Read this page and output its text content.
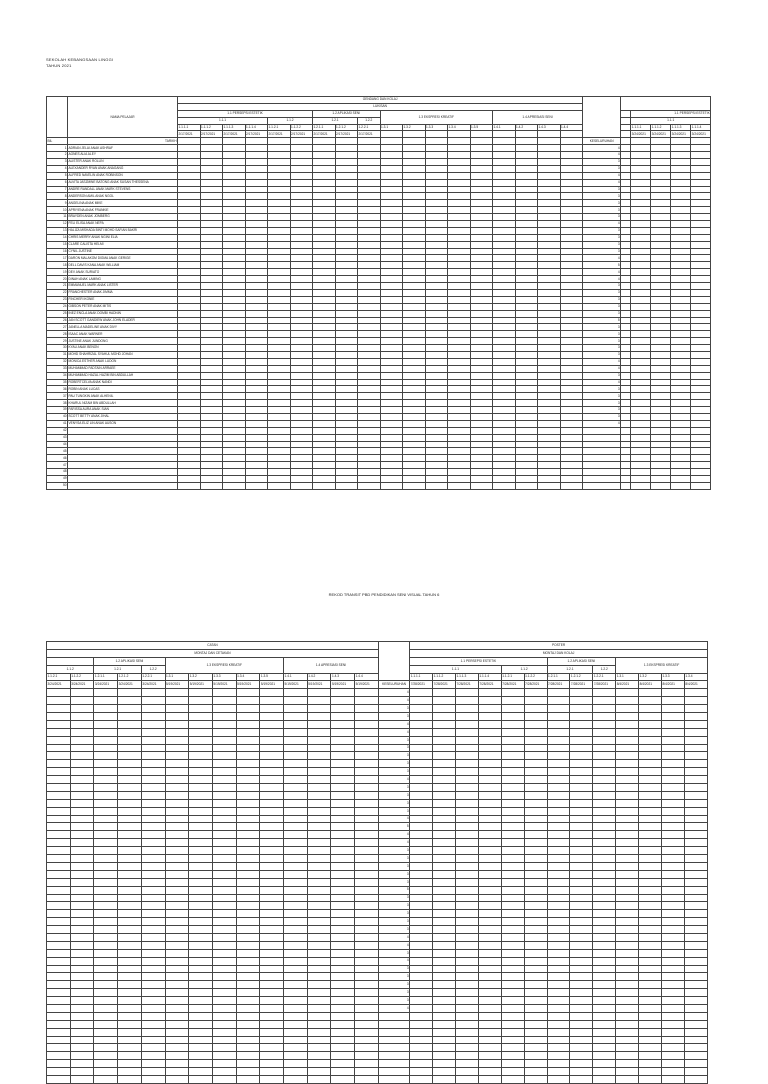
SEKOLAH KEBANGSAAN LINGGI
TAHUN 2021
	NAMA PELAJAR	GENDANG DAN KOLAJ																							
		LUKISAN																							
		1.1 PERSEPSI ESTETIK						1.2 APLIKASI SENI			1.3 EKSPRESI KREATIF					1.4 APRESIASI SENI						1.1 PERSEPSI ESTETIK			
		1.1.1				1.1.2		1.2.1		1.2.2												1.1.1			
		1.1.1.1	1.1.1.2	1.1.1.3	1.1.1.4	1.1.2.1	1.1.2.2	1.2.1.1	1.2.1.2	1.2.2.1	1.3.1	1.3.2	1.3.3	1.3.4	1.3.5	1.4.1	1.4.2	1.4.3	1.4.4			1.1.1.1	1.1.1.2	1.1.1.3	1.1.1.4
		2/17/2021	2/17/2021	2/17/2021	2/17/2021	2/17/2021	2/17/2021	2/17/2021	2/17/2021	2/17/2021												3/24/2021	3/24/2021	3/24/2021	3/24/2021
BIL	TARIKH																			KESELURUHAN					
1	ADRIAN JELAI ANAK ASHRAF																			4					
2	AGNES ALIA ALEY																			4					
3	ALISTER ANAK ROLLIN																			3					
4	ALEXANDER RYAN ANAK ANAGANG																			3					
5	ALFRED NAVELIN ANAK ROBINSON																			4					
6	ALVITA JASZMINE BATONG ANAK SUSAN THESSENA																			4					
7	ANDRE RANDALL ANAK MARK STEVENS																			3					
8	ANDERSON AMIL ANAK NGOL																			3					
9	ANGELINA ANAK MIKE																			3					
10	APRIYENA ANAK FRANKIE																			3					
11	BRAYDEN ANAK JOMBERG																			3					
12	FELI ELISA ANAK NEPA																			4					
13	HALIZA MISHADA BINTI MOHD SAFIAN BAKRI																			3					
14	CHRIS MERRY ANAK NGINI ELIA																			3					
15	CLARE CALISTA HELMI																			3					
16	CYNIL JUSTINE																			3					
17	DARON MALAKOM DIGMA ANAK GERIGE																			4					
18	DELL DAVIS KANA ANAK WILLIAM																			5					
19	DEV ANAK SURIATO																			4					
20	DINAH ANAK LAMING																			4					
21	EMMANUEL MARK ANAK LISTER																			3					
22	FRANCHESTER ANAK JIMMA																			3					
23	FINCHER IKONIE																			3					
24	GIBSON PETER ANAK MITIS																			3					
25	INEZ ENCLA ANAK DOMBI HADNIN																			3					
26	JAN SCOTT GANDIEW ANAK JOHN ELADER																			5					
27	JANELLA MADELINE ANAK DIVY																			3					
28	ISAAC ANAK WARNER																			3					
29	JUSTINE ANAK JUNDONG																			3					
30	KYAU ANAK BENON																			3					
31	MOHD SHAHRIZAL SYAHUL MOHD JOHAN																			3					
32	MONICA ESTHER ANAK LUDON																			4					
33	MUHAMMAD FADTAIN ARRAEE																			4					
34	MUHAMMAD HAZAL HAZIM BIN ABDULLAH																			3					
35	ROBERTCELVA ANAK NANDI																			4					
36	ROBIN ANAK LUCAS																			3					
37	PAU TUNGKIN ANAK ALHENIL																			3					
38	KHARUL NIZAM BIN ABDULLAH																			3					
39	FARISSA AURA ANAK SIAN																			3					
40	SCOTT BETTY ANAK JIHAL																			3					
41	VENYSA ELIZ LIN ANAK AUSON																			4					
42																									
43																									
44																									
45																									
46																									
47																									
48																									
49																									
50																									
REKOD TRANSIT PBD PENDIDIKAN SENI VISUAL TAHUN 6
CATAN															POSTER												
MONTAJ DAN CETAKAN															MONTAJ DAN KOLAJ												
		1.2 APLIKASI SENI			1.3 EKSPRESI KREATIF					1.4 APRESIASI SENI					1.1 PERSEPSI ESTETIK						1.2 APLIKASI SENI			1.3 EKSPRESI KREATIF			
1.1.2		1.2.1		1.2.2											1.1.1				1.1.2		1.2.1		1.2.2				
1.1.2.1	1.1.2.2	1.2.1.1	1.2.1.2	1.2.2.1	1.3.1	1.3.2	1.3.3	1.3.4	1.3.5	1.4.1	1.4.2	1.4.3	1.4.4		1.1.1.1	1.1.1.2	1.1.1.3	1.1.1.4	1.1.2.1	1.1.2.2	1.2.1.1	1.2.1.2	1.2.2.1	1.3.1	1.3.2	1.3.3	1.3.4
3/24/2021	3/24/2021	3/24/2021	3/24/2021	3/24/2021	5/19/2021	5/19/2021	5/19/2021	5/19/2021	5/19/2021	5/19/2021	5/19/2021	5/19/2021	5/19/2021	KESELURUHAN	7/28/2021	7/28/2021	7/28/2021	7/28/2021	7/28/2021	7/28/2021	7/28/2021	7/28/2021	7/28/2021	8/4/2021	8/4/2021	8/4/2021	8/4/2021
														4													
														4													
														3													
														3													
														4													
														4													
														3													
														3													
														3													
														3													
														3													
														4													
														3													
														3													
														3													
														3													
														4													
														5													
														4													
														4													
														3													
														3													
														3													
														3													
														3													
														5													
														3													
														3													
														3													
														3													
														3													
														4													
														4													
														3													
														4													
														3													
														3													
														3													
														3													
														3													
														4													
